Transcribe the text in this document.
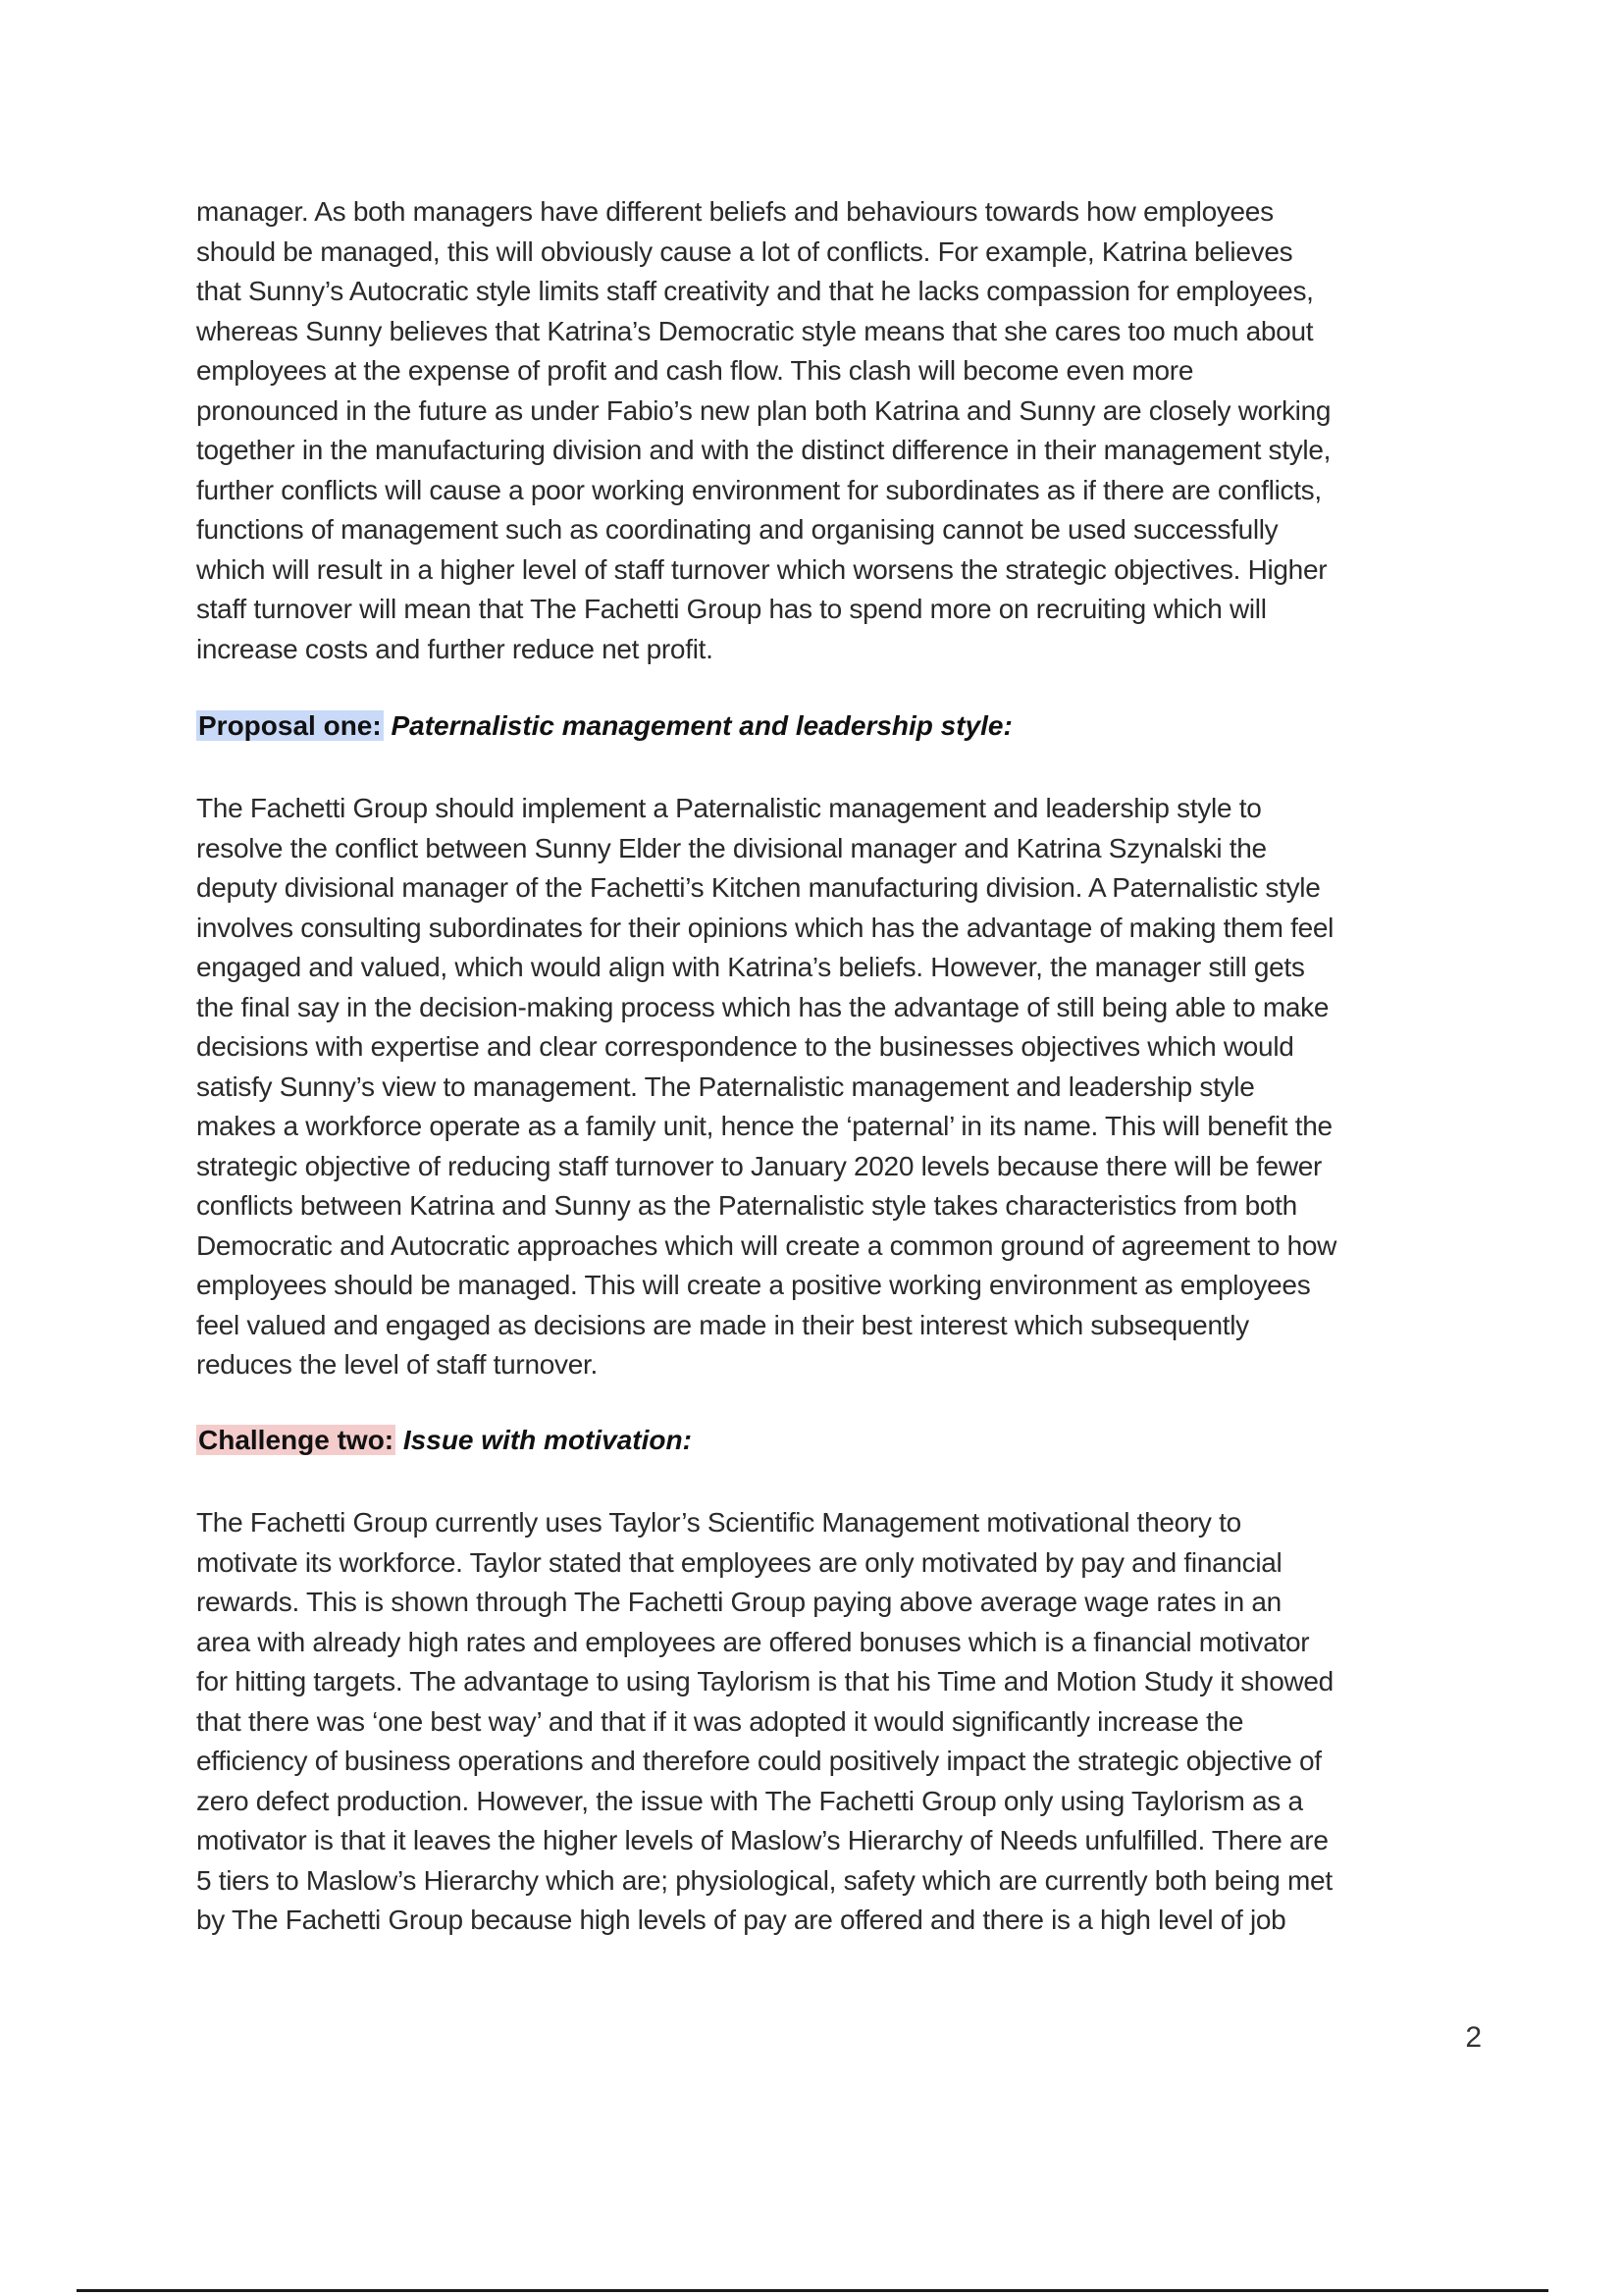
manager. As both managers have different beliefs and behaviours towards how employees
should be managed, this will obviously cause a lot of conflicts. For example, Katrina believes
that Sunny’s Autocratic style limits staff creativity and that he lacks compassion for employees,
whereas Sunny believes that Katrina’s Democratic style means that she cares too much about
employees at the expense of profit and cash flow. This clash will become even more
pronounced in the future as under Fabio’s new plan both Katrina and Sunny are closely working
together in the manufacturing division and with the distinct difference in their management style,
further conflicts will cause a poor working environment for subordinates as if there are conflicts,
functions of management such as coordinating and organising cannot be used successfully
which will result in a higher level of staff turnover which worsens the strategic objectives. Higher
staff turnover will mean that The Fachetti Group has to spend more on recruiting which will
increase costs and further reduce net profit.

Proposal one: Paternalistic management and leadership style:

The Fachetti Group should implement a Paternalistic management and leadership style to
resolve the conflict between Sunny Elder the divisional manager and Katrina Szynalski the
deputy divisional manager of the Fachetti’s Kitchen manufacturing division. A Paternalistic style
involves consulting subordinates for their opinions which has the advantage of making them feel
engaged and valued, which would align with Katrina’s beliefs. However, the manager still gets
the final say in the decision-making process which has the advantage of still being able to make
decisions with expertise and clear correspondence to the businesses objectives which would
satisfy Sunny’s view to management. The Paternalistic management and leadership style
makes a workforce operate as a family unit, hence the ‘paternal’ in its name. This will benefit the
strategic objective of reducing staff turnover to January 2020 levels because there will be fewer
conflicts between Katrina and Sunny as the Paternalistic style takes characteristics from both
Democratic and Autocratic approaches which will create a common ground of agreement to how
employees should be managed. This will create a positive working environment as employees
feel valued and engaged as decisions are made in their best interest which subsequently
reduces the level of staff turnover.

Challenge two: Issue with motivation:

The Fachetti Group currently uses Taylor’s Scientific Management motivational theory to
motivate its workforce. Taylor stated that employees are only motivated by pay and financial
rewards. This is shown through The Fachetti Group paying above average wage rates in an
area with already high rates and employees are offered bonuses which is a financial motivator
for hitting targets. The advantage to using Taylorism is that his Time and Motion Study it showed
that there was ‘one best way’ and that if it was adopted it would significantly increase the
efficiency of business operations and therefore could positively impact the strategic objective of
zero defect production. However, the issue with The Fachetti Group only using Taylorism as a
motivator is that it leaves the higher levels of Maslow’s Hierarchy of Needs unfulfilled. There are
5 tiers to Maslow’s Hierarchy which are; physiological, safety which are currently both being met
by The Fachetti Group because high levels of pay are offered and there is a high level of job

2
